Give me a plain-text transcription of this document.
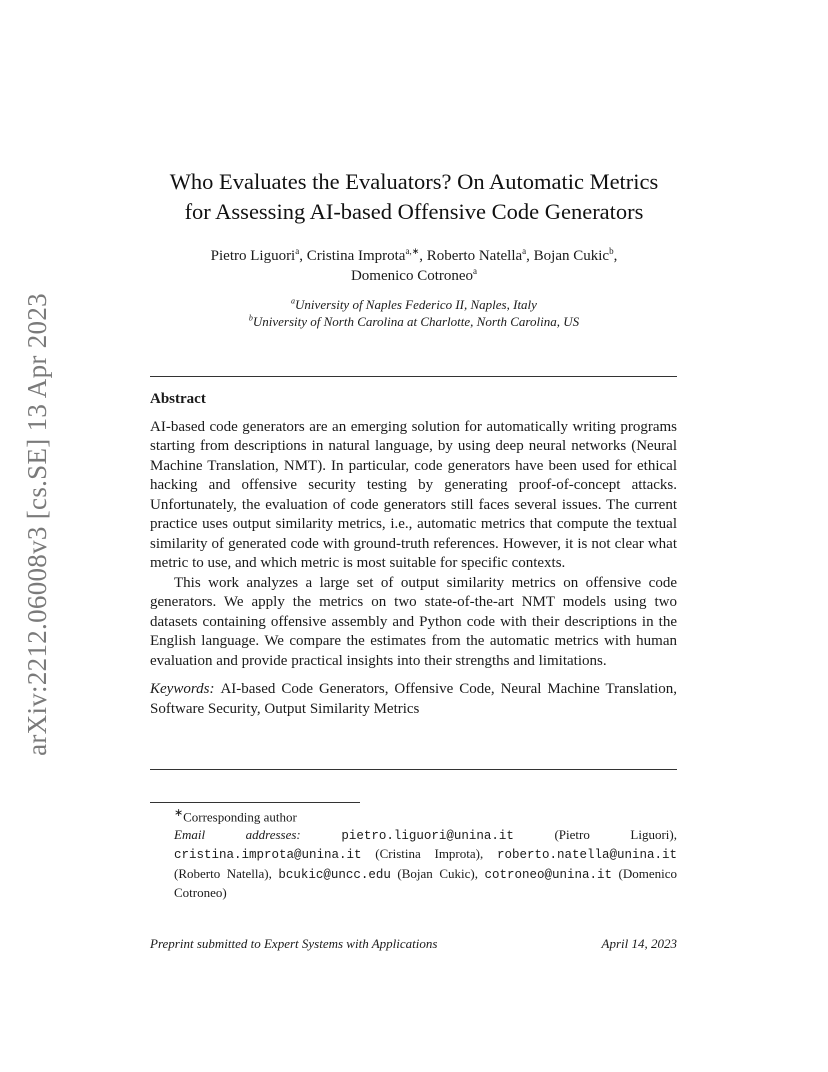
arXiv:2212.06008v3 [cs.SE] 13 Apr 2023
Who Evaluates the Evaluators? On Automatic Metrics
for Assessing AI-based Offensive Code Generators
Pietro Liguori$^a$, Cristina Improta$^{a,∗}$, Roberto Natella$^a$, Bojan Cukic$^b$,
Domenico Cotroneo$^a$
$^a$University of Naples Federico II, Naples, Italy
$^b$University of North Carolina at Charlotte, North Carolina, US
Abstract

AI-based code generators are an emerging solution for automatically writing programs starting from descriptions in natural language, by using deep neural networks (Neural Machine Translation, NMT). In particular, code generators have been used for ethical hacking and offensive security testing by generating proof-of-concept attacks. Unfortunately, the evaluation of code generators still faces several issues. The current practice uses output similarity metrics, i.e., automatic metrics that compute the textual similarity of generated code with ground-truth references. However, it is not clear what metric to use, and which metric is most suitable for specific contexts.

This work analyzes a large set of output similarity metrics on offensive code generators. We apply the metrics on two state-of-the-art NMT models using two datasets containing offensive assembly and Python code with their descriptions in the English language. We compare the estimates from the automatic metrics with human evaluation and provide practical insights into their strengths and limitations.

Keywords: AI-based Code Generators, Offensive Code, Neural Machine Translation, Software Security, Output Similarity Metrics

∗Corresponding author

Email addresses:	pietro.liguori@unina.it (Pietro Liguori), cristina.improta@unina.it (Cristina Improta), roberto.natella@unina.it (Roberto Natella), bcukic@uncc.edu (Bojan Cukic), cotroneo@unina.it (Domenico Cotroneo)

Preprint submitted to Expert Systems with Applications	April 14, 2023
